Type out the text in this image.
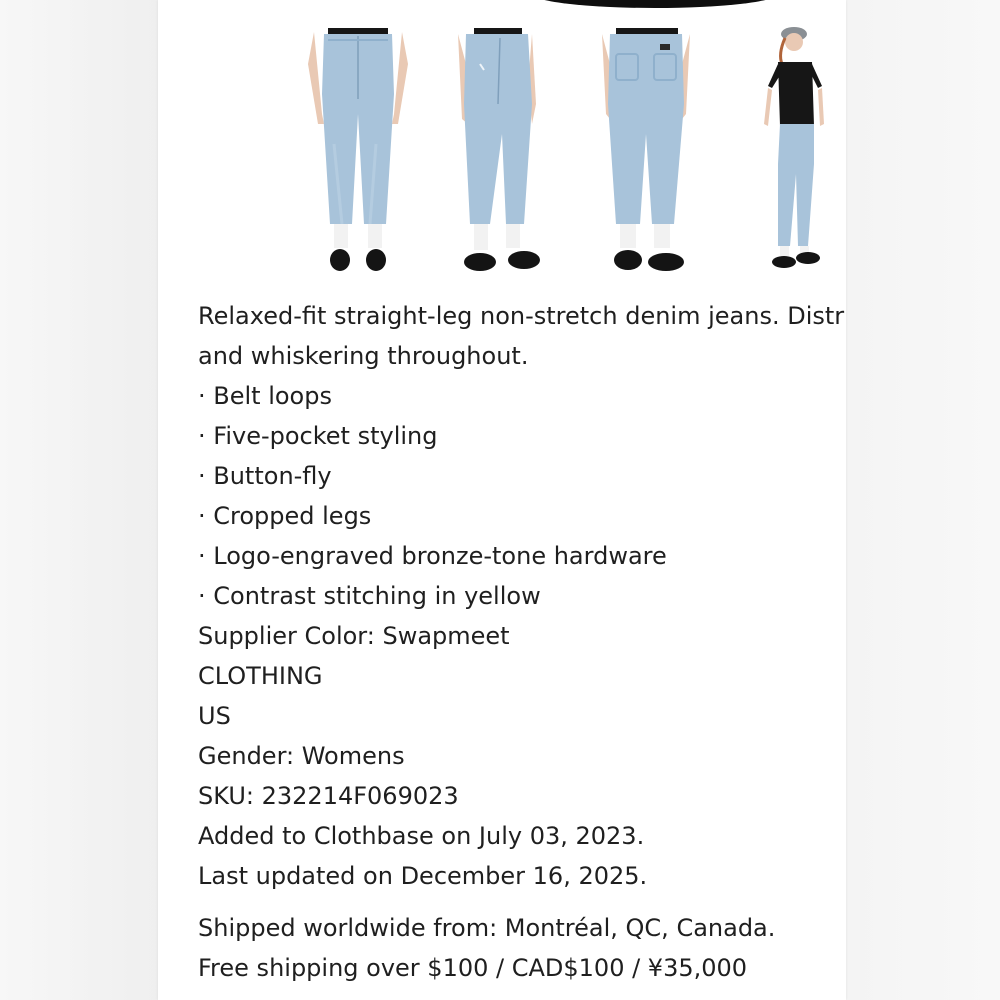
Relaxed-fit straight-leg non-stretch denim jeans. Distr
and whiskering throughout.
· Belt loops
· Five-pocket styling
· Button-fly
· Cropped legs
· Logo-engraved bronze-tone hardware
· Contrast stitching in yellow
Supplier Color: Swapmeet
CLOTHING
US
Gender: Womens
SKU: 232214F069023
Added to Clothbase on July 03, 2023.
Last updated on December 16, 2025.
Shipped worldwide from: Montréal, QC, Canada.
Free shipping over $100 / CAD$100 / ¥35,000
